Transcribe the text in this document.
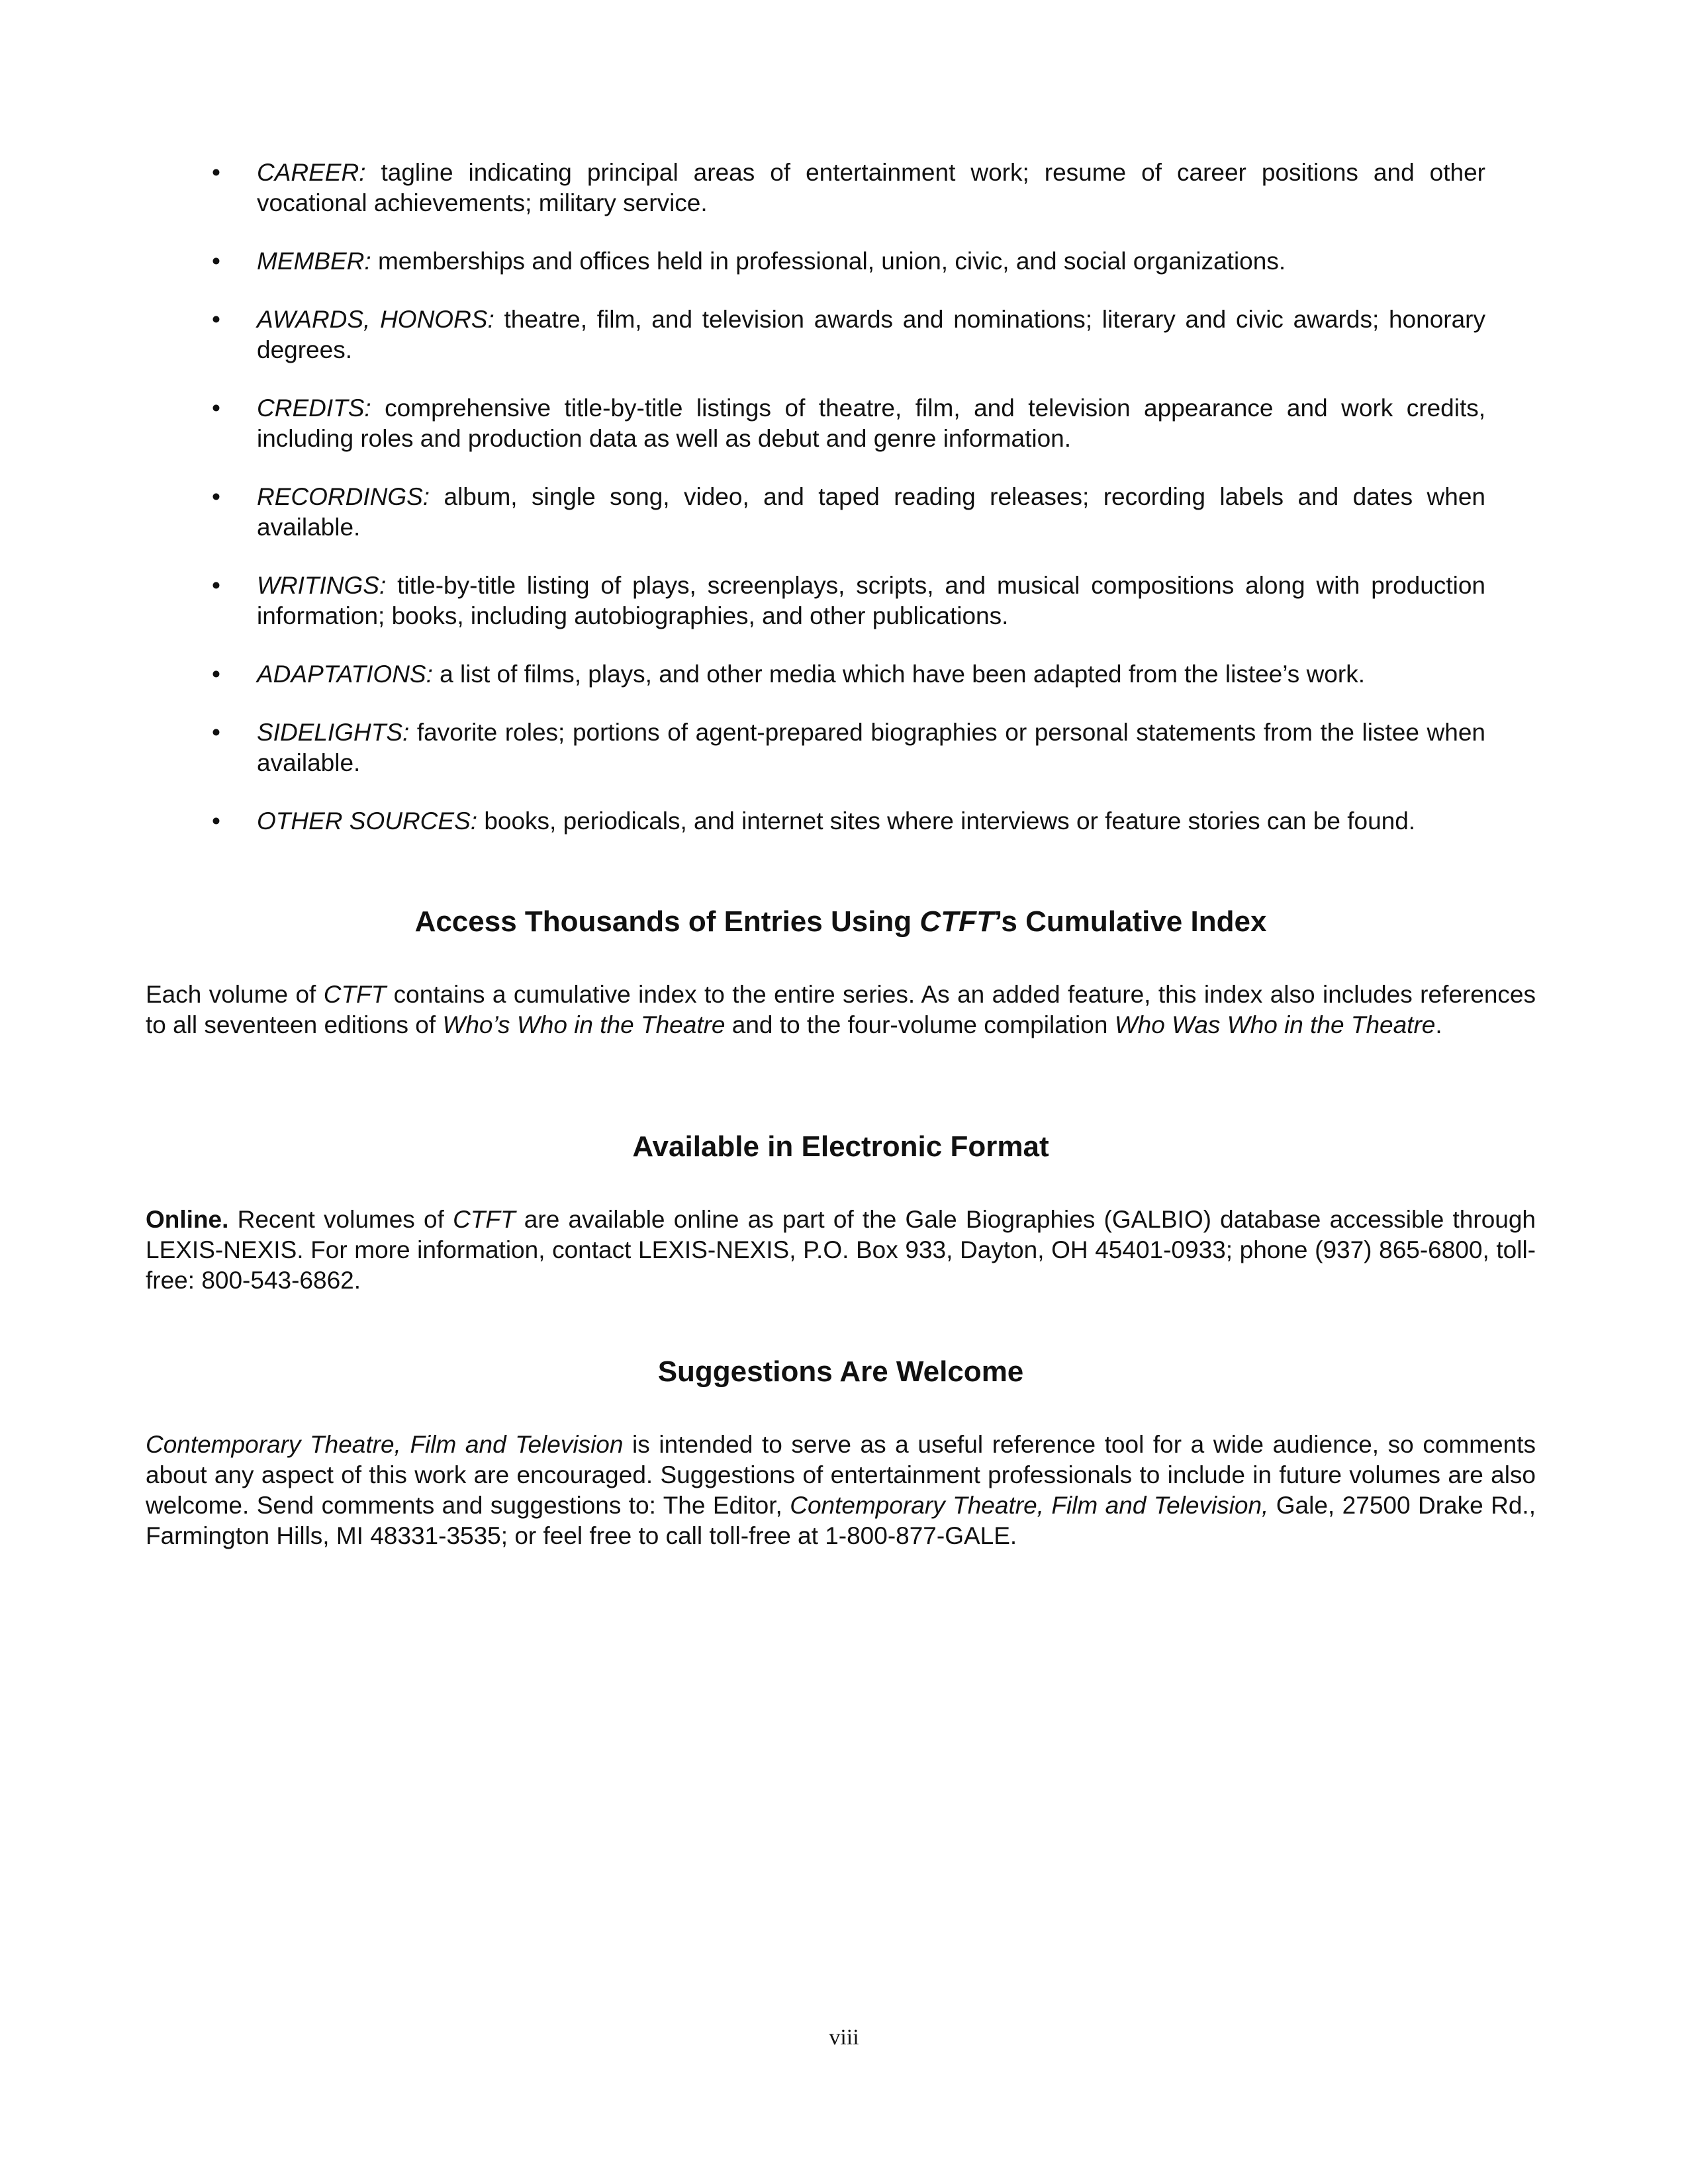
• CAREER: tagline indicating principal areas of entertainment work; resume of career positions and other vocational achievements; military service.
• MEMBER: memberships and offices held in professional, union, civic, and social organizations.
• AWARDS, HONORS: theatre, film, and television awards and nominations; literary and civic awards; honorary degrees.
• CREDITS: comprehensive title-by-title listings of theatre, film, and television appearance and work credits, including roles and production data as well as debut and genre information.
• RECORDINGS: album, single song, video, and taped reading releases; recording labels and dates when available.
• WRITINGS: title-by-title listing of plays, screenplays, scripts, and musical compositions along with production information; books, including autobiographies, and other publications.
• ADAPTATIONS: a list of films, plays, and other media which have been adapted from the listee’s work.
• SIDELIGHTS: favorite roles; portions of agent-prepared biographies or personal statements from the listee when available.
• OTHER SOURCES: books, periodicals, and internet sites where interviews or feature stories can be found.
Access Thousands of Entries Using CTFT’s Cumulative Index

Each volume of CTFT contains a cumulative index to the entire series. As an added feature, this index also includes references to all seventeen editions of Who’s Who in the Theatre and to the four-volume compilation Who Was Who in the Theatre.

Available in Electronic Format

Online. Recent volumes of CTFT are available online as part of the Gale Biographies (GALBIO) database accessible through LEXIS-NEXIS. For more information, contact LEXIS-NEXIS, P.O. Box 933, Dayton, OH 45401-0933; phone (937) 865-6800, toll-free: 800-543-6862.

Suggestions Are Welcome

Contemporary Theatre, Film and Television is intended to serve as a useful reference tool for a wide audience, so comments about any aspect of this work are encouraged. Suggestions of entertainment professionals to include in future volumes are also welcome. Send comments and suggestions to: The Editor, Contemporary Theatre, Film and Television, Gale, 27500 Drake Rd., Farmington Hills, MI 48331-3535; or feel free to call toll-free at 1-800-877-GALE.

viii
